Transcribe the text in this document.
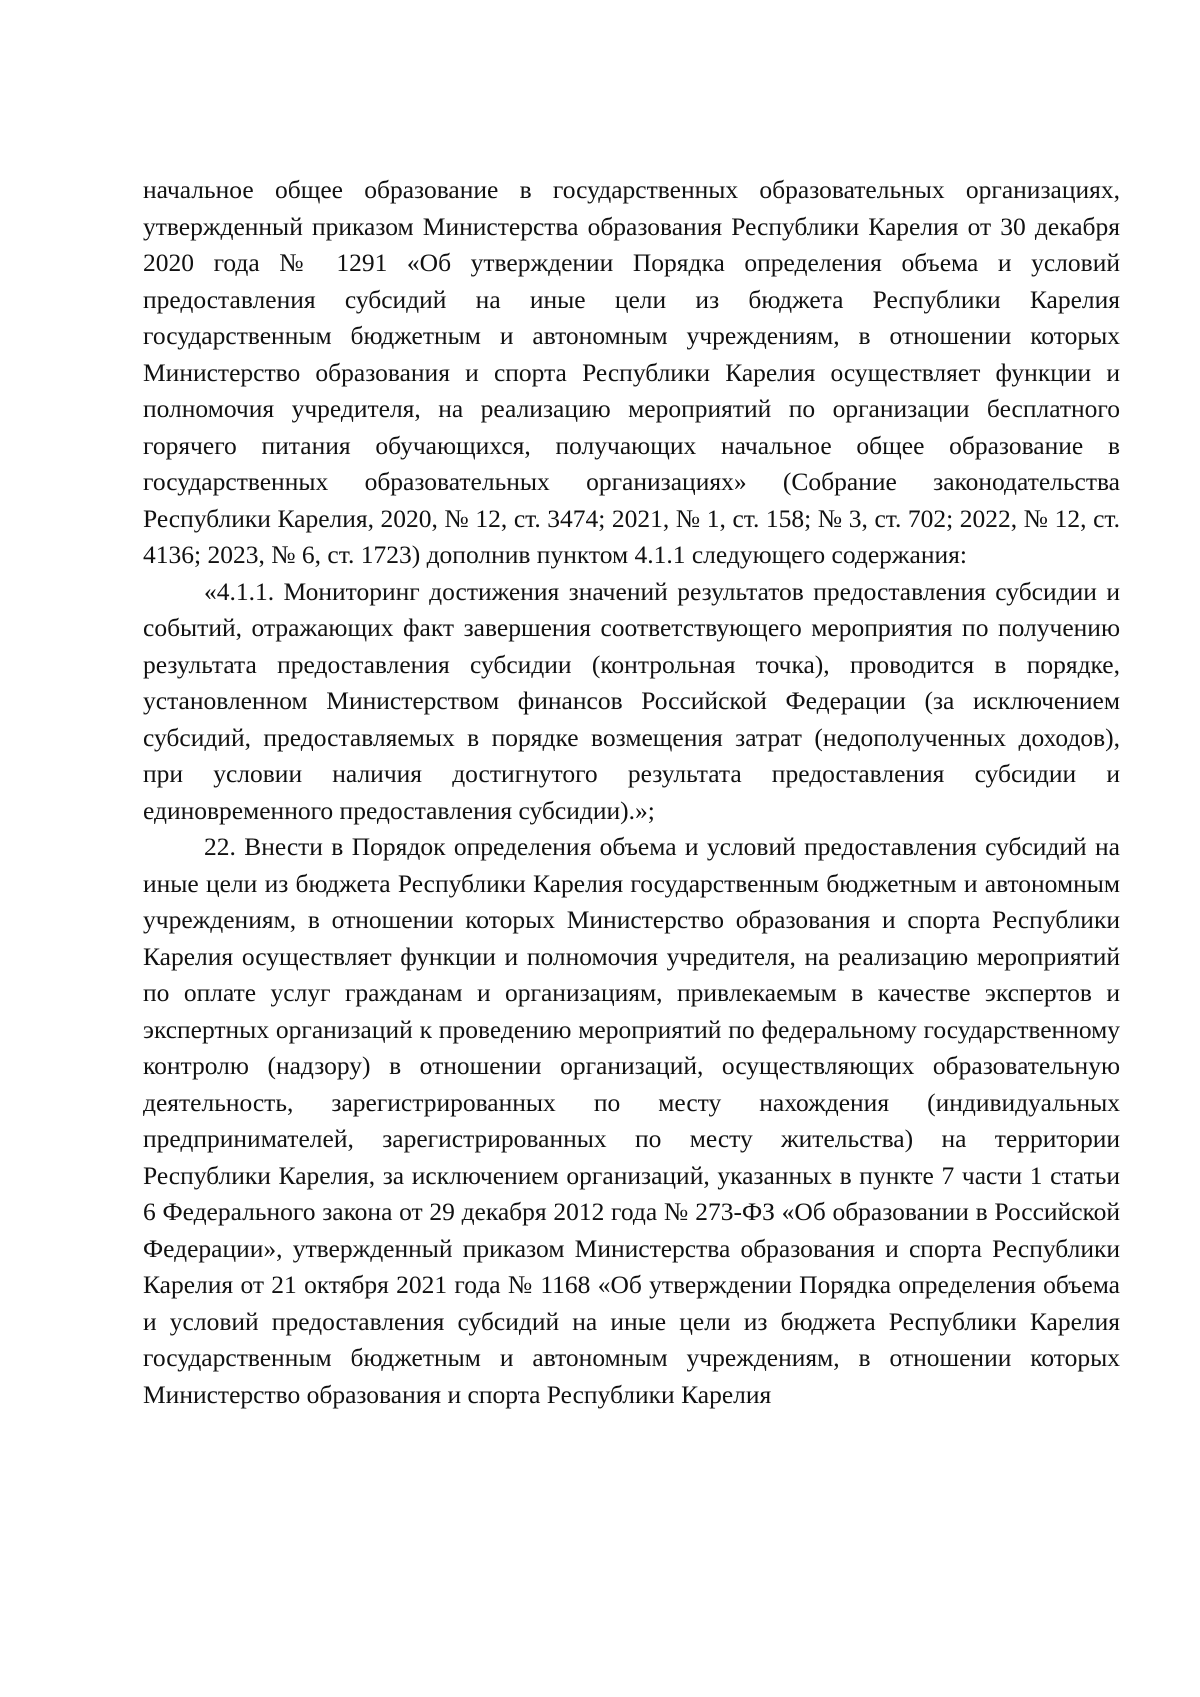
начальное общее образование в государственных образовательных организациях, утвержденный приказом Министерства образования Республики Карелия от 30 декабря 2020 года № 1291 «Об утверждении Порядка определения объема и условий предоставления субсидий на иные цели из бюджета Республики Карелия государственным бюджетным и автономным учреждениям, в отношении которых Министерство образования и спорта Республики Карелия осуществляет функции и полномочия учредителя, на реализацию мероприятий по организации бесплатного горячего питания обучающихся, получающих начальное общее образование в государственных образовательных организациях» (Собрание законодательства Республики Карелия, 2020, № 12, ст. 3474; 2021, № 1, ст. 158; № 3, ст. 702; 2022, № 12, ст. 4136; 2023, № 6, ст. 1723) дополнив пунктом 4.1.1 следующего содержания:

«4.1.1. Мониторинг достижения значений результатов предоставления субсидии и событий, отражающих факт завершения соответствующего мероприятия по получению результата предоставления субсидии (контрольная точка), проводится в порядке, установленном Министерством финансов Российской Федерации (за исключением субсидий, предоставляемых в порядке возмещения затрат (недополученных доходов), при условии наличия достигнутого результата предоставления субсидии и единовременного предоставления субсидии).»;

22. Внести в Порядок определения объема и условий предоставления субсидий на иные цели из бюджета Республики Карелия государственным бюджетным и автономным учреждениям, в отношении которых Министерство образования и спорта Республики Карелия осуществляет функции и полномочия учредителя, на реализацию мероприятий по оплате услуг гражданам и организациям, привлекаемым в качестве экспертов и экспертных организаций к проведению мероприятий по федеральному государственному контролю (надзору) в отношении организаций, осуществляющих образовательную деятельность, зарегистрированных по месту нахождения (индивидуальных предпринимателей, зарегистрированных по месту жительства) на территории Республики Карелия, за исключением организаций, указанных в пункте 7 части 1 статьи 6 Федерального закона от 29 декабря 2012 года № 273-ФЗ «Об образовании в Российской Федерации», утвержденный приказом Министерства образования и спорта Республики Карелия от 21 октября 2021 года № 1168 «Об утверждении Порядка определения объема и условий предоставления субсидий на иные цели из бюджета Республики Карелия государственным бюджетным и автономным учреждениям, в отношении которых Министерство образования и спорта Республики Карелия
